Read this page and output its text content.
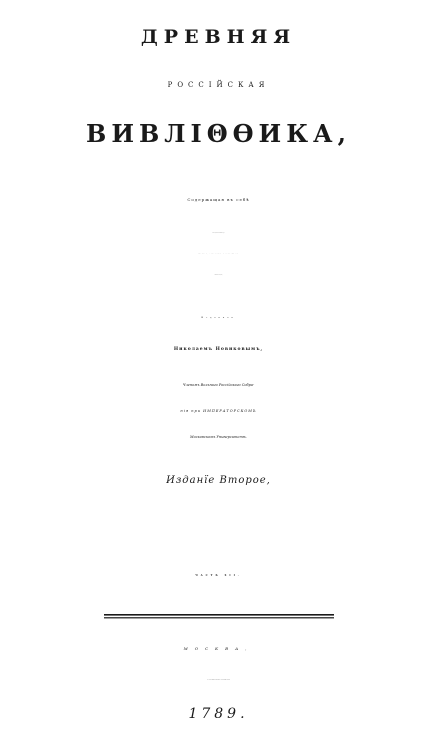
ДРЕВНЯЯ
РОССІЙСКАЯ
ВИВЛІΘѲИКА,
Содержащая въ себѣ
Изданная
Николаемъ Новиковымъ,
Членомъ Вольнаго Россійскаго Собра-
нія при ИМПЕРАТОРСКОМЪ
Московскомъ Университетѣ.
Изданїе Второе,
ЧАСТЬ XII.
МОСКВА,
Въ Типографїи Компанїи Типографической
1789.
